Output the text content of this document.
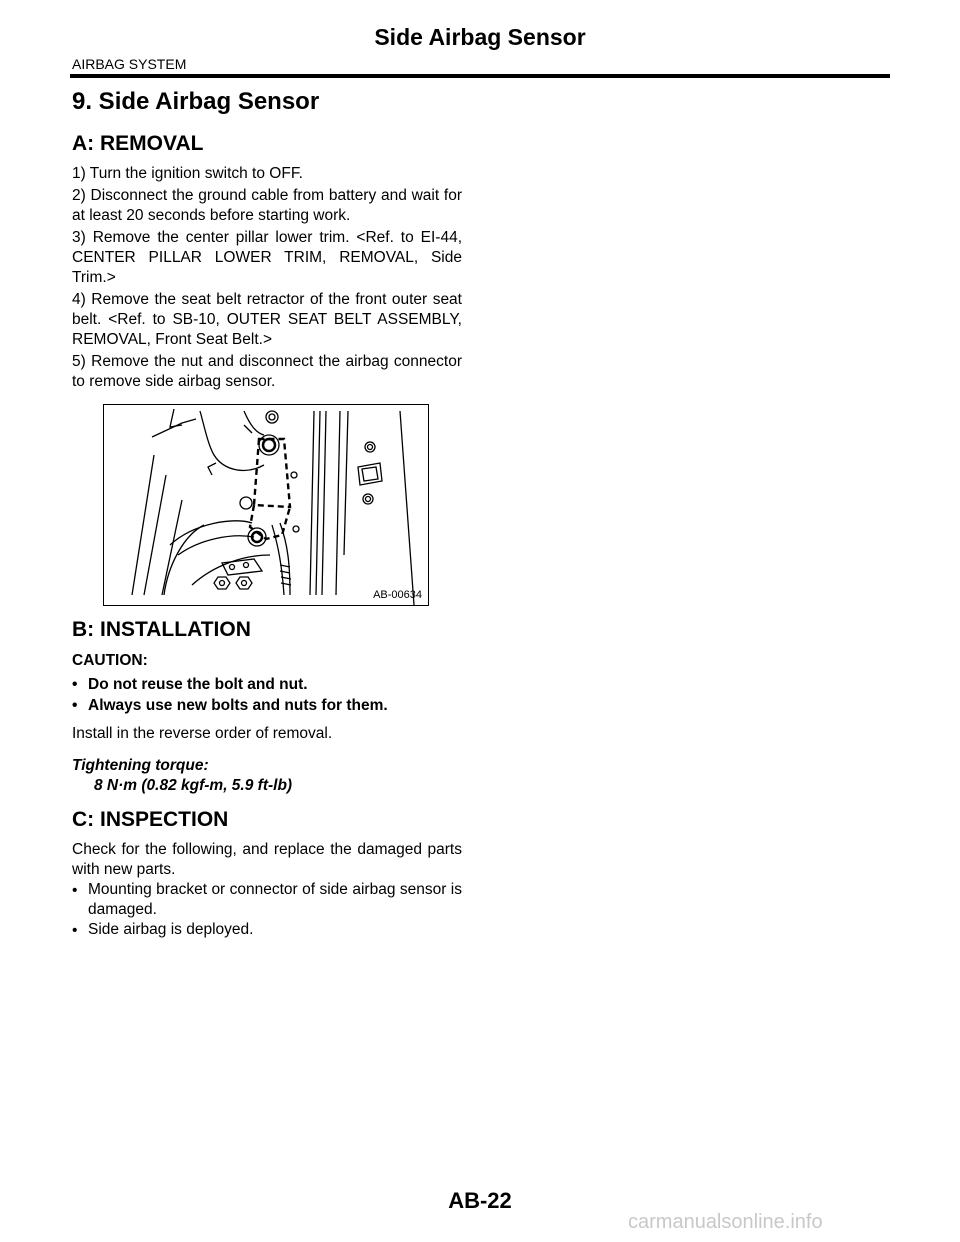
Side Airbag Sensor
AIRBAG SYSTEM
9. Side Airbag Sensor
A: REMOVAL

1) Turn the ignition switch to OFF.

2) Disconnect the ground cable from battery and wait for at least 20 seconds before starting work.

3) Remove the center pillar lower trim. <Ref. to EI-44, CENTER PILLAR LOWER TRIM, REMOVAL, Side Trim.>

4) Remove the seat belt retractor of the front outer seat belt. <Ref. to SB-10, OUTER SEAT BELT ASSEMBLY, REMOVAL, Front Seat Belt.>

5) Remove the nut and disconnect the airbag connector to remove side airbag sensor.

AB-00634
B: INSTALLATION
CAUTION:
• Do not reuse the bolt and nut.
• Always use new bolts and nuts for them.

Install in the reverse order of removal.

Tightening torque:
8 N·m (0.82 kgf-m, 5.9 ft-lb)
C: INSPECTION

Check for the following, and replace the damaged parts with new parts.

• Mounting bracket or connector of side airbag sensor is damaged.
• Side airbag is deployed.
AB-22
carmanualsonline.info
